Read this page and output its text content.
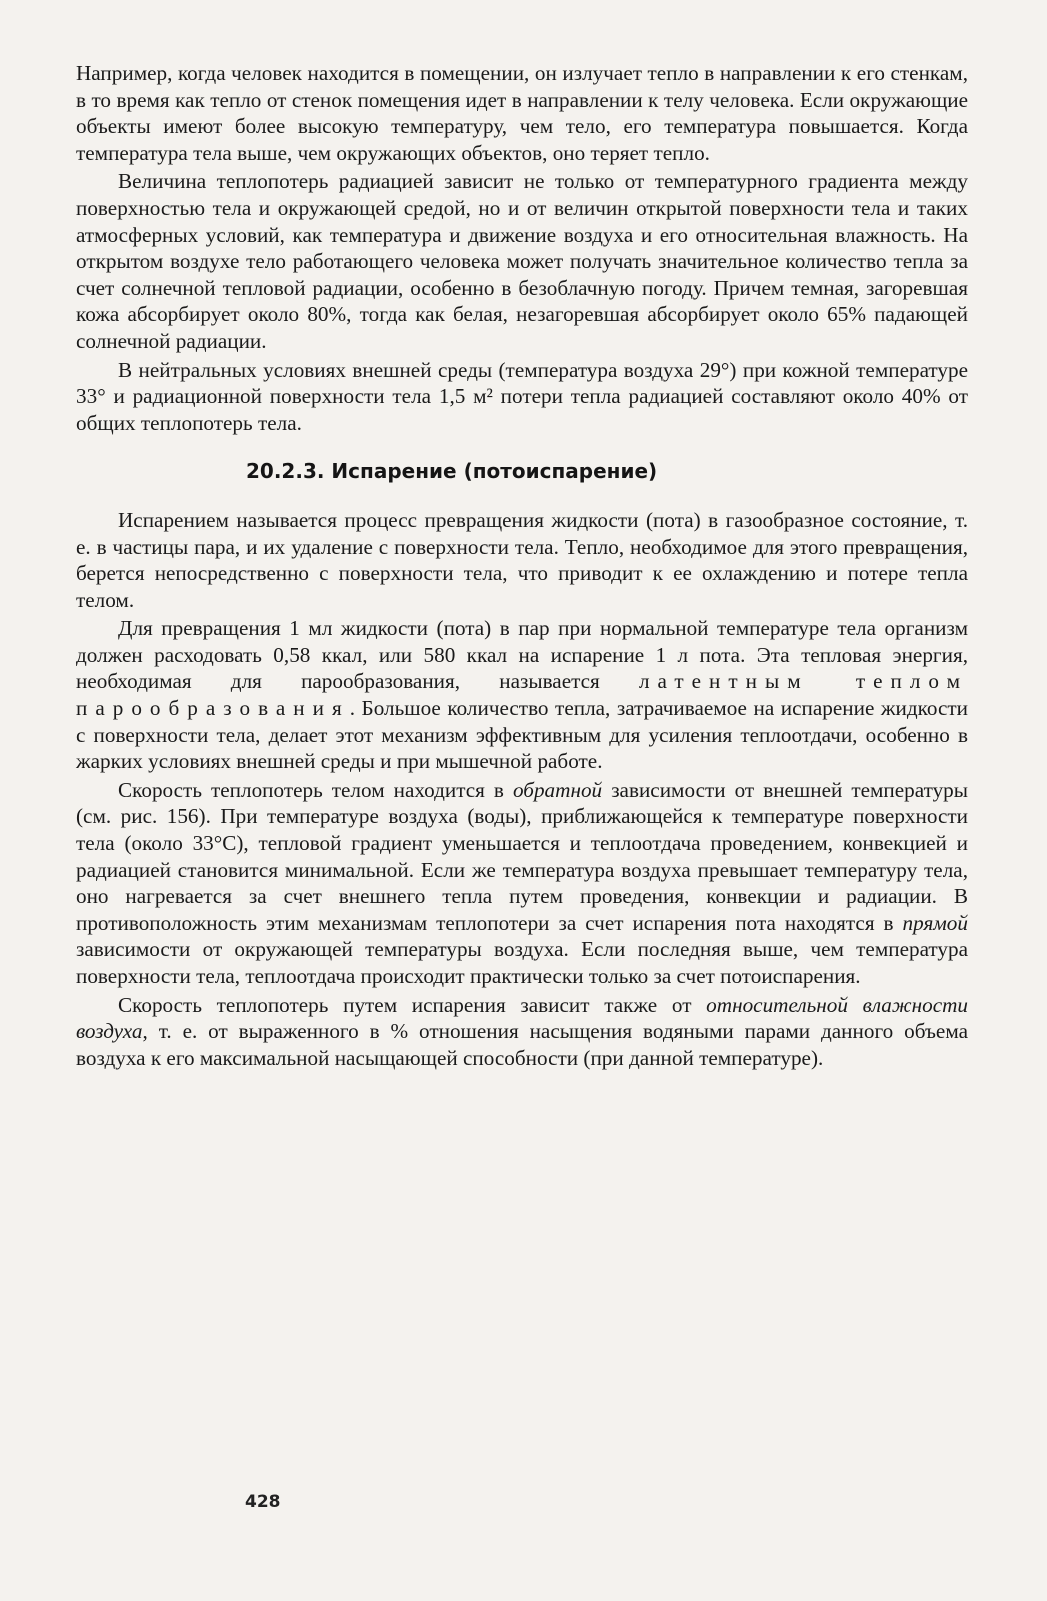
Например, когда человек находится в помещении, он излучает тепло в направлении к его стенкам, в то время как тепло от стенок помещения идет в направлении к телу человека. Если окружающие объекты имеют более высокую температуру, чем тело, его температура повышается. Когда температура тела выше, чем окружающих объектов, оно теряет тепло.

Величина теплопотерь радиацией зависит не только от температурного градиента между поверхностью тела и окружающей средой, но и от величин открытой поверхности тела и таких атмосферных условий, как температура и движение воздуха и его относительная влажность. На открытом воздухе тело работающего человека может получать значительное количество тепла за счет солнечной тепловой радиации, особенно в безоблачную погоду. Причем темная, загоревшая кожа абсорбирует около 80%, тогда как белая, незагоревшая абсорбирует около 65% падающей солнечной радиации.

В нейтральных условиях внешней среды (температура воздуха 29°) при кожной температуре 33° и радиационной поверхности тела 1,5 м² потери тепла радиацией составляют около 40% от общих теплопотерь тела.

20.2.3. Испарение (потоиспарение)

Испарением называется процесс превращения жидкости (пота) в газообразное состояние, т. е. в частицы пара, и их удаление с поверхности тела. Тепло, необходимое для этого превращения, берется непосредственно с поверхности тела, что приводит к ее охлаждению и потере тепла телом.

Для превращения 1 мл жидкости (пота) в пар при нормальной температуре тела организм должен расходовать 0,58 ккал, или 580 ккал на испарение 1 л пота. Эта тепловая энергия, необходимая для парообразования, называется латентным теплом парообразования. Большое количество тепла, затрачиваемое на испарение жидкости с поверхности тела, делает этот механизм эффективным для усиления теплоотдачи, особенно в жарких условиях внешней среды и при мышечной работе.

Скорость теплопотерь телом находится в обратной зависимости от внешней температуры (см. рис. 156). При температуре воздуха (воды), приближающейся к температуре поверхности тела (около 33°С), тепловой градиент уменьшается и теплоотдача проведением, конвекцией и радиацией становится минимальной. Если же температура воздуха превышает температуру тела, оно нагревается за счет внешнего тепла путем проведения, конвекции и радиации. В противоположность этим механизмам теплопотери за счет испарения пота находятся в прямой зависимости от окружающей температуры воздуха. Если последняя выше, чем температура поверхности тела, теплоотдача происходит практически только за счет потоиспарения.

Скорость теплопотерь путем испарения зависит также от относительной влажности воздуха, т. е. от выраженного в % отношения насыщения водяными парами данного объема воздуха к его максимальной насыщающей способности (при данной температуре).

428
